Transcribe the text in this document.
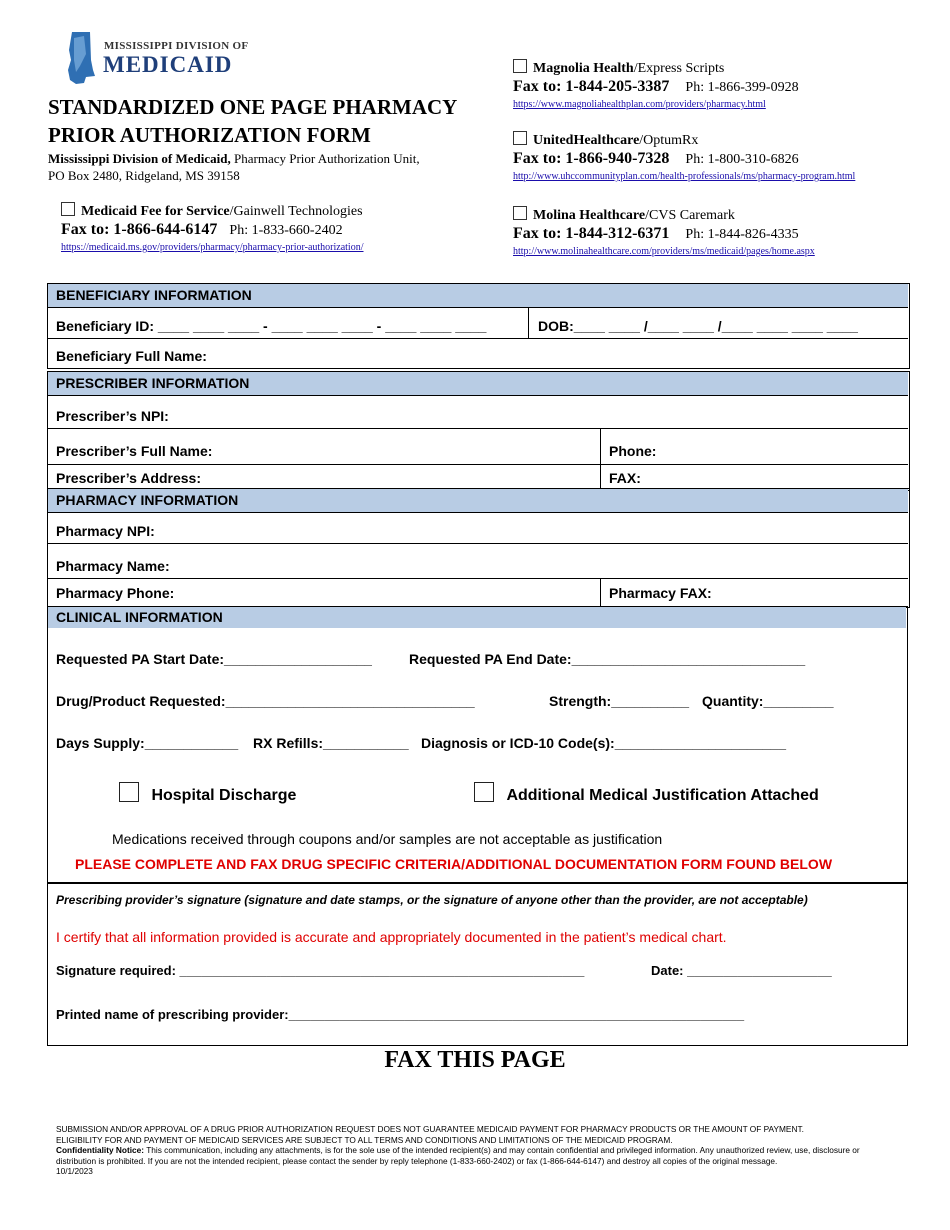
MISSISSIPPI DIVISION OF
MEDICAID
STANDARDIZED ONE PAGE PHARMACY
PRIOR AUTHORIZATION FORM
Mississippi Division of Medicaid, Pharmacy Prior Authorization Unit,
PO Box 2480, Ridgeland, MS 39158
Medicaid Fee for Service/Gainwell Technologies
Fax to: 1-866-644-6147 Ph: 1-833-660-2402
https://medicaid.ms.gov/providers/pharmacy/pharmacy-prior-authorization/
Magnolia Health/Express Scripts
Fax to: 1-844-205-3387 Ph: 1-866-399-0928
https://www.magnoliahealthplan.com/providers/pharmacy.html
UnitedHealthcare/OptumRx
Fax to: 1-866-940-7328 Ph: 1-800-310-6826
http://www.uhccommunityplan.com/health-professionals/ms/pharmacy-program.html
Molina Healthcare/CVS Caremark
Fax to: 1-844-312-6371 Ph: 1-844-826-4335
http://www.molinahealthcare.com/providers/ms/medicaid/pages/home.aspx
BENEFICIARY INFORMATION
Beneficiary ID: ____ ____ ____ - ____ ____ ____ - ____ ____ ____	DOB:____ ____ /____ ____ /____ ____ ____ ____
Beneficiary Full Name:
PRESCRIBER INFORMATION
Prescriber’s NPI:
Prescriber’s Full Name:	Phone:
Prescriber’s Address:	FAX:
PHARMACY INFORMATION
Pharmacy NPI:
Pharmacy Name:
Pharmacy Phone:	Pharmacy FAX:
CLINICAL INFORMATION
Requested PA Start Date:___________________	Requested PA End Date:______________________________
Drug/Product Requested:________________________________	Strength:__________ Quantity:_________
Days Supply:____________ RX Refills:___________ Diagnosis or ICD-10 Code(s):______________________
Hospital Discharge	Additional Medical Justification Attached
Medications received through coupons and/or samples are not acceptable as justification
PLEASE COMPLETE AND FAX DRUG SPECIFIC CRITERIA/ADDITIONAL DOCUMENTATION FORM FOUND BELOW
Prescribing provider’s signature (signature and date stamps, or the signature of anyone other than the provider, are not acceptable)
I certify that all information provided is accurate and appropriately documented in the patient’s medical chart.
Signature required: ________________________________________________________	Date: ____________________
Printed name of prescribing provider:_______________________________________________________________
FAX THIS PAGE
SUBMISSION AND/OR APPROVAL OF A DRUG PRIOR AUTHORIZATION REQUEST DOES NOT GUARANTEE MEDICAID PAYMENT FOR PHARMACY PRODUCTS OR THE AMOUNT OF PAYMENT.
ELIGIBILITY FOR AND PAYMENT OF MEDICAID SERVICES ARE SUBJECT TO ALL TERMS AND CONDITIONS AND LIMITATIONS OF THE MEDICAID PROGRAM.
Confidentiality Notice: This communication, including any attachments, is for the sole use of the intended recipient(s) and may contain confidential and privileged information. Any unauthorized review, use, disclosure or distribution is prohibited. If you are not the intended recipient, please contact the sender by reply telephone (1-833-660-2402) or fax (1-866-644-6147) and destroy all copies of the original message.
10/1/2023
